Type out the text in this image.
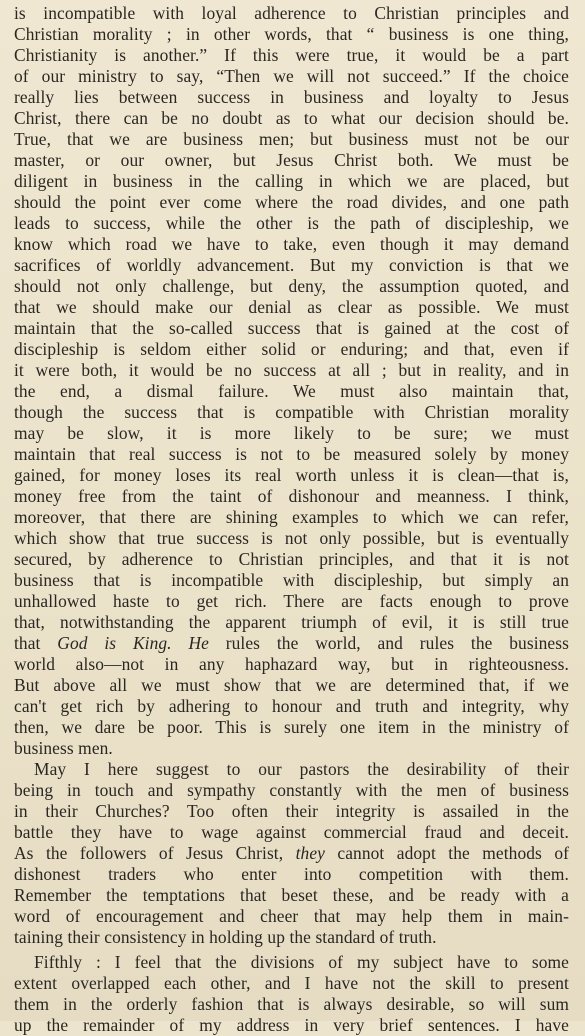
is incompatible with loyal adherence to Christian principles and
Christian morality ; in other words, that “ business is one thing,
Christianity is another.” If this were true, it would be a part
of our ministry to say, “Then we will not succeed.” If the choice
really lies between success in business and loyalty to Jesus
Christ, there can be no doubt as to what our decision should be.
True, that we are business men; but business must not be our
master, or our owner, but Jesus Christ both. We must be
diligent in business in the calling in which we are placed, but
should the point ever come where the road divides, and one path
leads to success, while the other is the path of discipleship, we
know which road we have to take, even though it may demand
sacrifices of worldly advancement. But my conviction is that we
should not only challenge, but deny, the assumption quoted, and
that we should make our denial as clear as possible. We must
maintain that the so-called success that is gained at the cost of
discipleship is seldom either solid or enduring; and that, even if
it were both, it would be no success at all ; but in reality, and in
the end, a dismal failure. We must also maintain that,
though the success that is compatible with Christian morality
may be slow, it is more likely to be sure; we must
maintain that real success is not to be measured solely by money
gained, for money loses its real worth unless it is clean—that is,
money free from the taint of dishonour and meanness. I think,
moreover, that there are shining examples to which we can refer,
which show that true success is not only possible, but is eventually
secured, by adherence to Christian principles, and that it is not
business that is incompatible with discipleship, but simply an
unhallowed haste to get rich. There are facts enough to prove
that, notwithstanding the apparent triumph of evil, it is still true
that God is King. He rules the world, and rules the business
world also—not in any haphazard way, but in righteousness.
But above all we must show that we are determined that, if we
can't get rich by adhering to honour and truth and integrity, why
then, we dare be poor. This is surely one item in the ministry of
business men.
May I here suggest to our pastors the desirability of their
being in touch and sympathy constantly with the men of business
in their Churches? Too often their integrity is assailed in the
battle they have to wage against commercial fraud and deceit.
As the followers of Jesus Christ, they cannot adopt the methods of
dishonest traders who enter into competition with them.
Remember the temptations that beset these, and be ready with a
word of encouragement and cheer that may help them in main-
taining their consistency in holding up the standard of truth.
Fifthly : I feel that the divisions of my subject have to some
extent overlapped each other, and I have not the skill to present
them in the orderly fashion that is always desirable, so will sum
up the remainder of my address in very brief sentences. I have
